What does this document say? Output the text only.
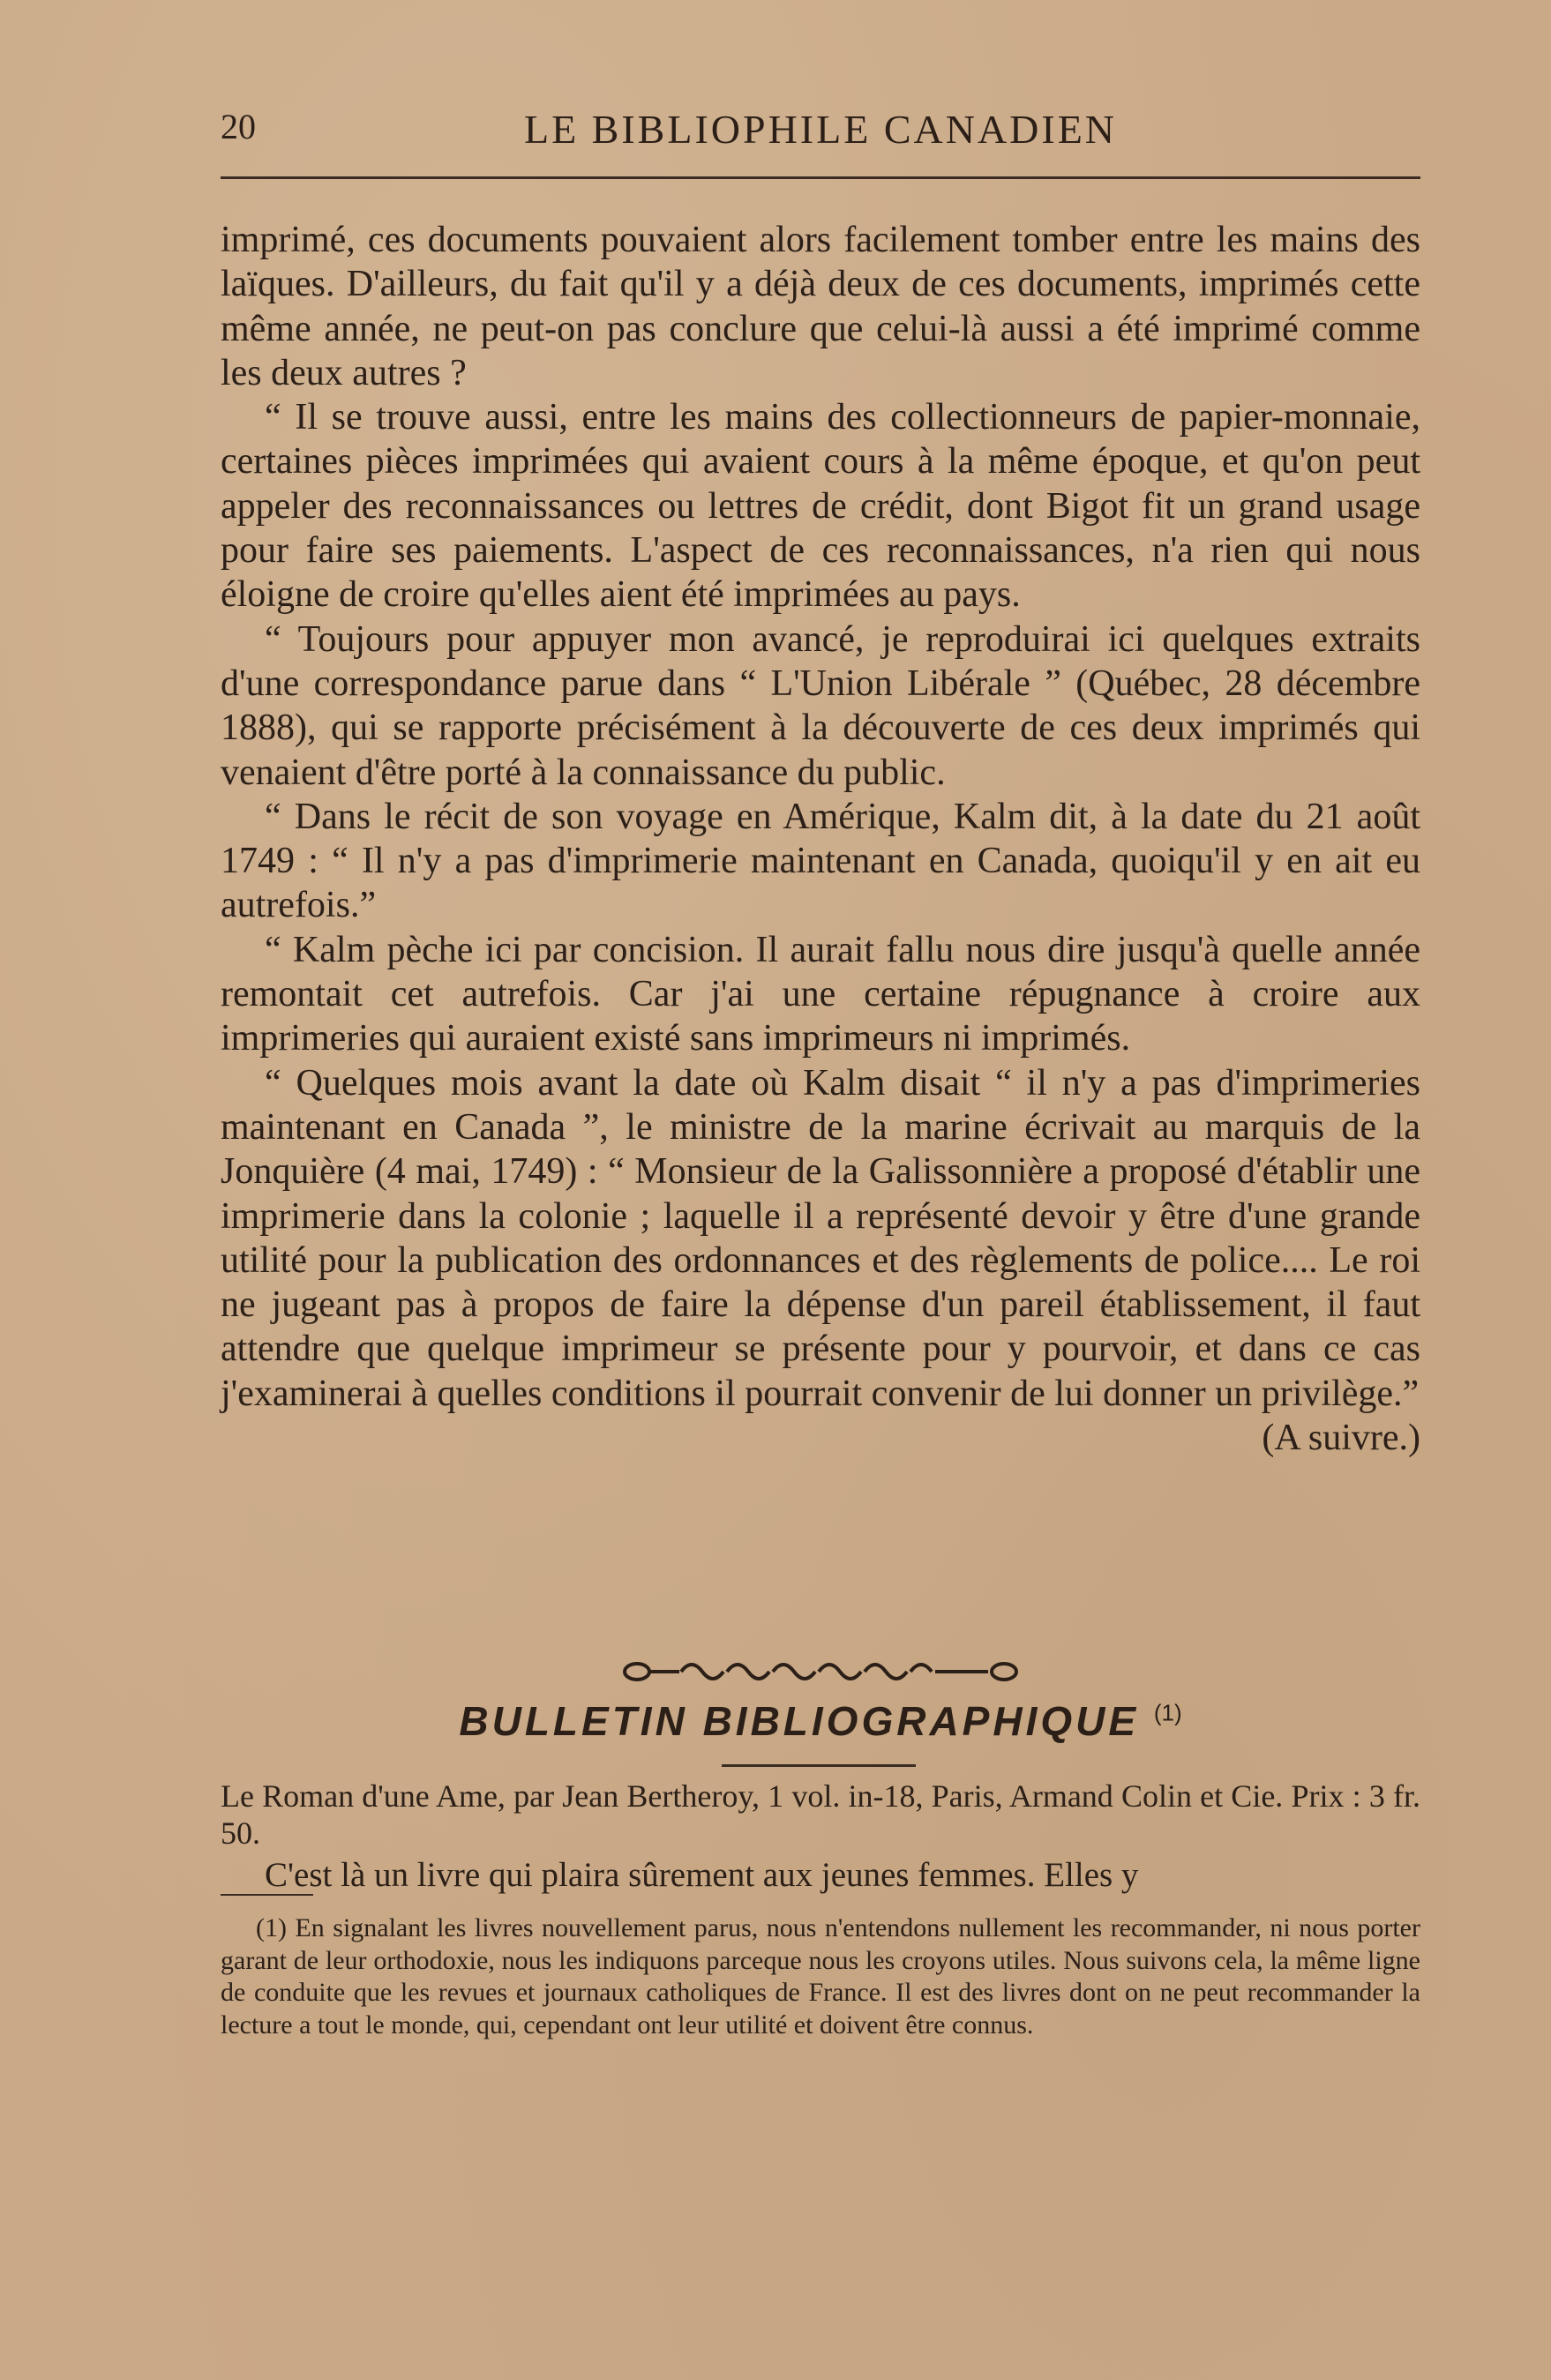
20	LE BIBLIOPHILE CANADIEN

imprimé, ces documents pouvaient alors facilement tomber entre les mains des laïques. D'ailleurs, du fait qu'il y a déjà deux de ces documents, imprimés cette même année, ne peut-on pas conclure que celui-là aussi a été imprimé comme les deux autres ?

“ Il se trouve aussi, entre les mains des collectionneurs de papier-monnaie, certaines pièces imprimées qui avaient cours à la même époque, et qu'on peut appeler des reconnaissances ou lettres de crédit, dont Bigot fit un grand usage pour faire ses paiements. L'aspect de ces reconnaissances, n'a rien qui nous éloigne de croire qu'elles aient été imprimées au pays.

“ Toujours pour appuyer mon avancé, je reproduirai ici quelques extraits d'une correspondance parue dans “ L'Union Libérale ” (Québec, 28 décembre 1888), qui se rapporte précisément à la découverte de ces deux imprimés qui venaient d'être porté à la connaissance du public.

“ Dans le récit de son voyage en Amérique, Kalm dit, à la date du 21 août 1749 : “ Il n'y a pas d'imprimerie maintenant en Canada, quoiqu'il y en ait eu autrefois.”

“ Kalm pèche ici par concision. Il aurait fallu nous dire jusqu'à quelle année remontait cet autrefois. Car j'ai une certaine répugnance à croire aux imprimeries qui auraient existé sans imprimeurs ni imprimés.

“ Quelques mois avant la date où Kalm disait “ il n'y a pas d'imprimeries maintenant en Canada ”, le ministre de la marine écrivait au marquis de la Jonquière (4 mai, 1749) : “ Monsieur de la Galissonnière a proposé d'établir une imprimerie dans la colonie ; laquelle il a représenté devoir y être d'une grande utilité pour la publication des ordonnances et des règlements de police.... Le roi ne jugeant pas à propos de faire la dépense d'un pareil établissement, il faut attendre que quelque imprimeur se présente pour y pourvoir, et dans ce cas j'examinerai à quelles conditions il pourrait convenir de lui donner un privilège.”
(A suivre.)

BULLETIN BIBLIOGRAPHIQUE $^{(1)}$
Le Roman d'une Ame, par Jean Bertheroy, 1 vol. in-18, Paris, Armand Colin et Cie. Prix : 3 fr. 50.

C'est là un livre qui plaira sûrement aux jeunes femmes. Elles y

(1) En signalant les livres nouvellement parus, nous n'entendons nullement les recommander, ni nous porter garant de leur orthodoxie, nous les indiquons parceque nous les croyons utiles. Nous suivons cela, la même ligne de conduite que les revues et journaux catholiques de France. Il est des livres dont on ne peut recommander la lecture a tout le monde, qui, cependant ont leur utilité et doivent être connus.
